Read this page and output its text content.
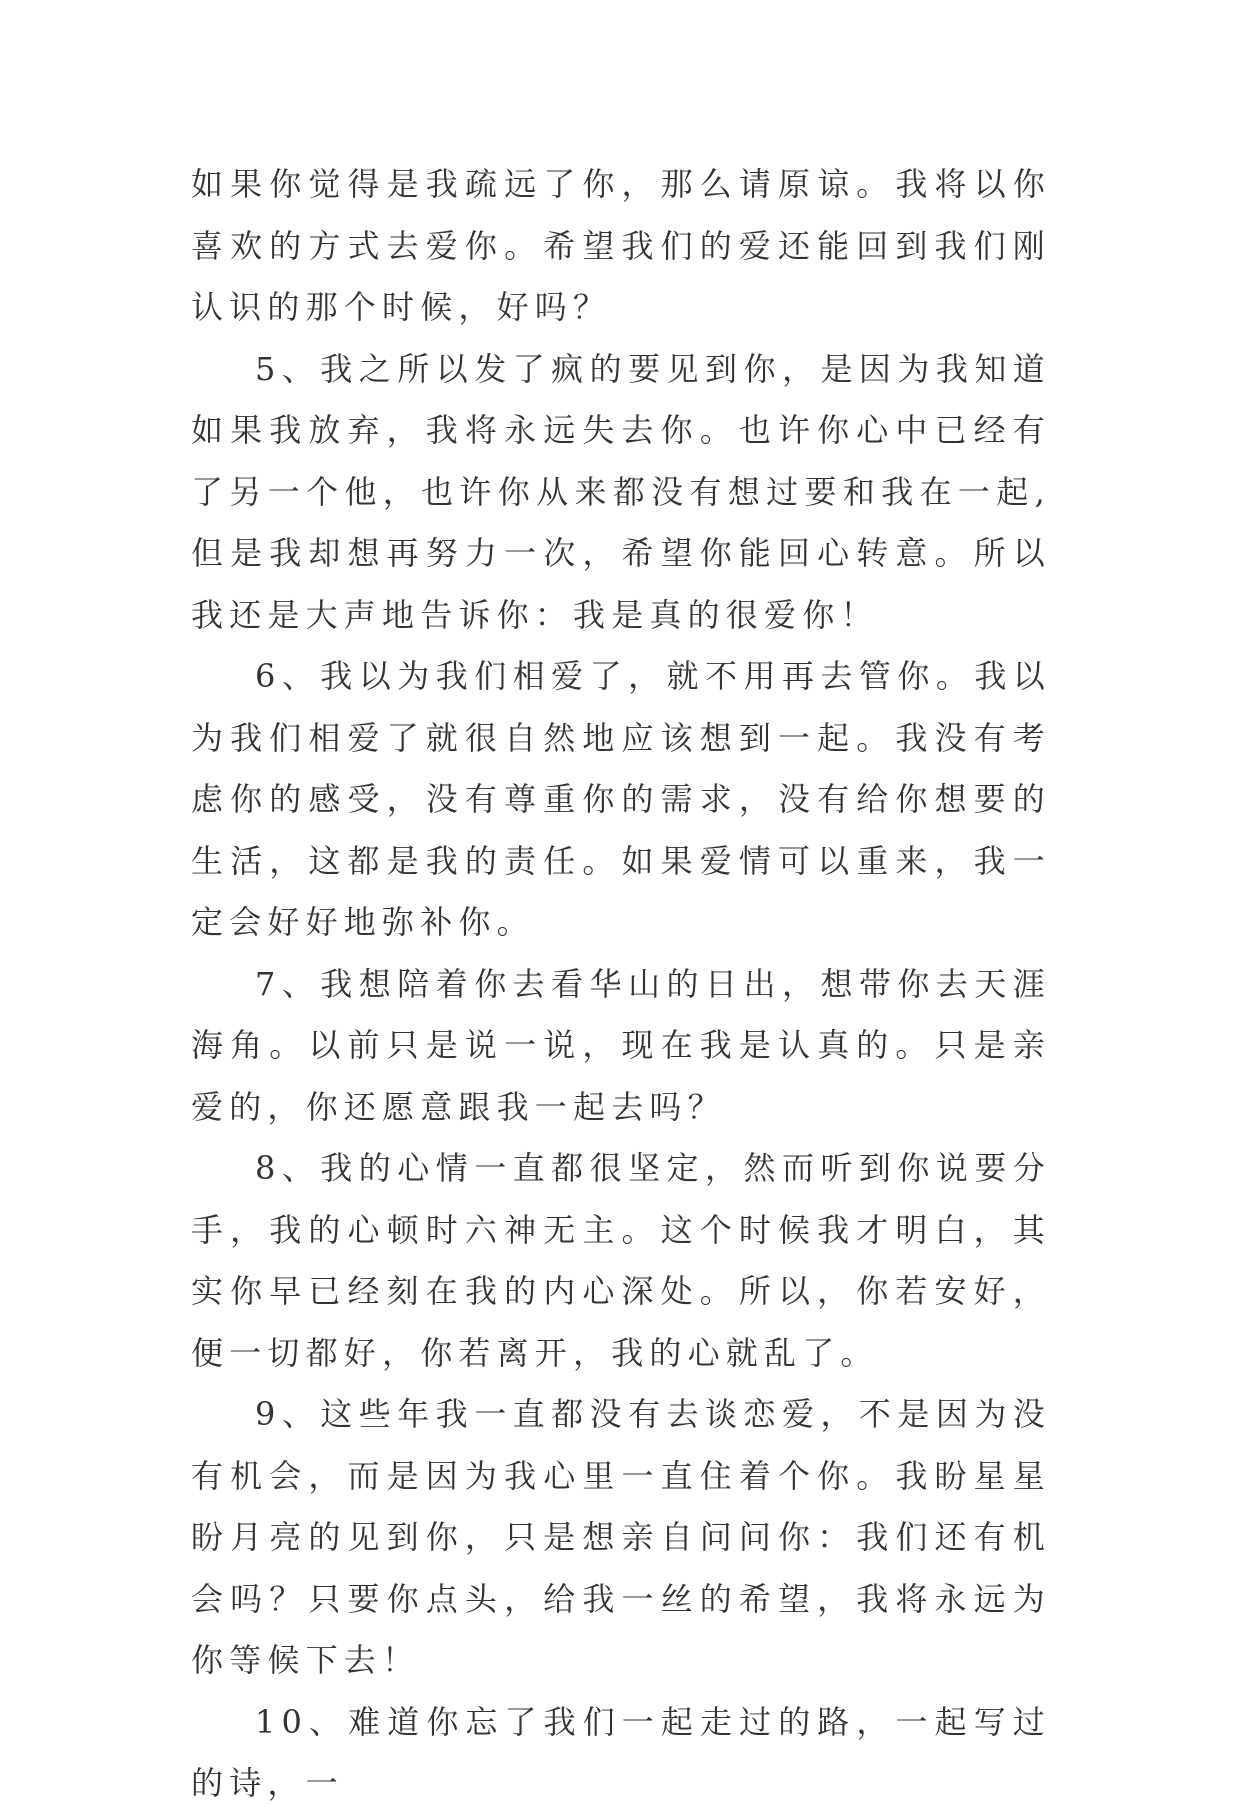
如果你觉得是我疏远了你，那么请原谅。我将以你喜欢的方式去爱你。希望我们的爱还能回到我们刚认识的那个时候，好吗？

5、我之所以发了疯的要见到你，是因为我知道如果我放弃，我将永远失去你。也许你心中已经有了另一个他，也许你从来都没有想过要和我在一起,但是我却想再努力一次，希望你能回心转意。所以我还是大声地告诉你：我是真的很爱你！

6、我以为我们相爱了，就不用再去管你。我以为我们相爱了就很自然地应该想到一起。我没有考虑你的感受，没有尊重你的需求，没有给你想要的生活，这都是我的责任。如果爱情可以重来，我一定会好好地弥补你。

7、我想陪着你去看华山的日出，想带你去天涯海角。以前只是说一说，现在我是认真的。只是亲爱的，你还愿意跟我一起去吗？

8、我的心情一直都很坚定，然而听到你说要分手，我的心顿时六神无主。这个时候我才明白，其实你早已经刻在我的内心深处。所以，你若安好，便一切都好，你若离开，我的心就乱了。

9、这些年我一直都没有去谈恋爱，不是因为没有机会，而是因为我心里一直住着个你。我盼星星盼月亮的见到你，只是想亲自问问你：我们还有机会吗？只要你点头，给我一丝的希望，我将永远为你等候下去！

10、难道你忘了我们一起走过的路，一起写过的诗，一
